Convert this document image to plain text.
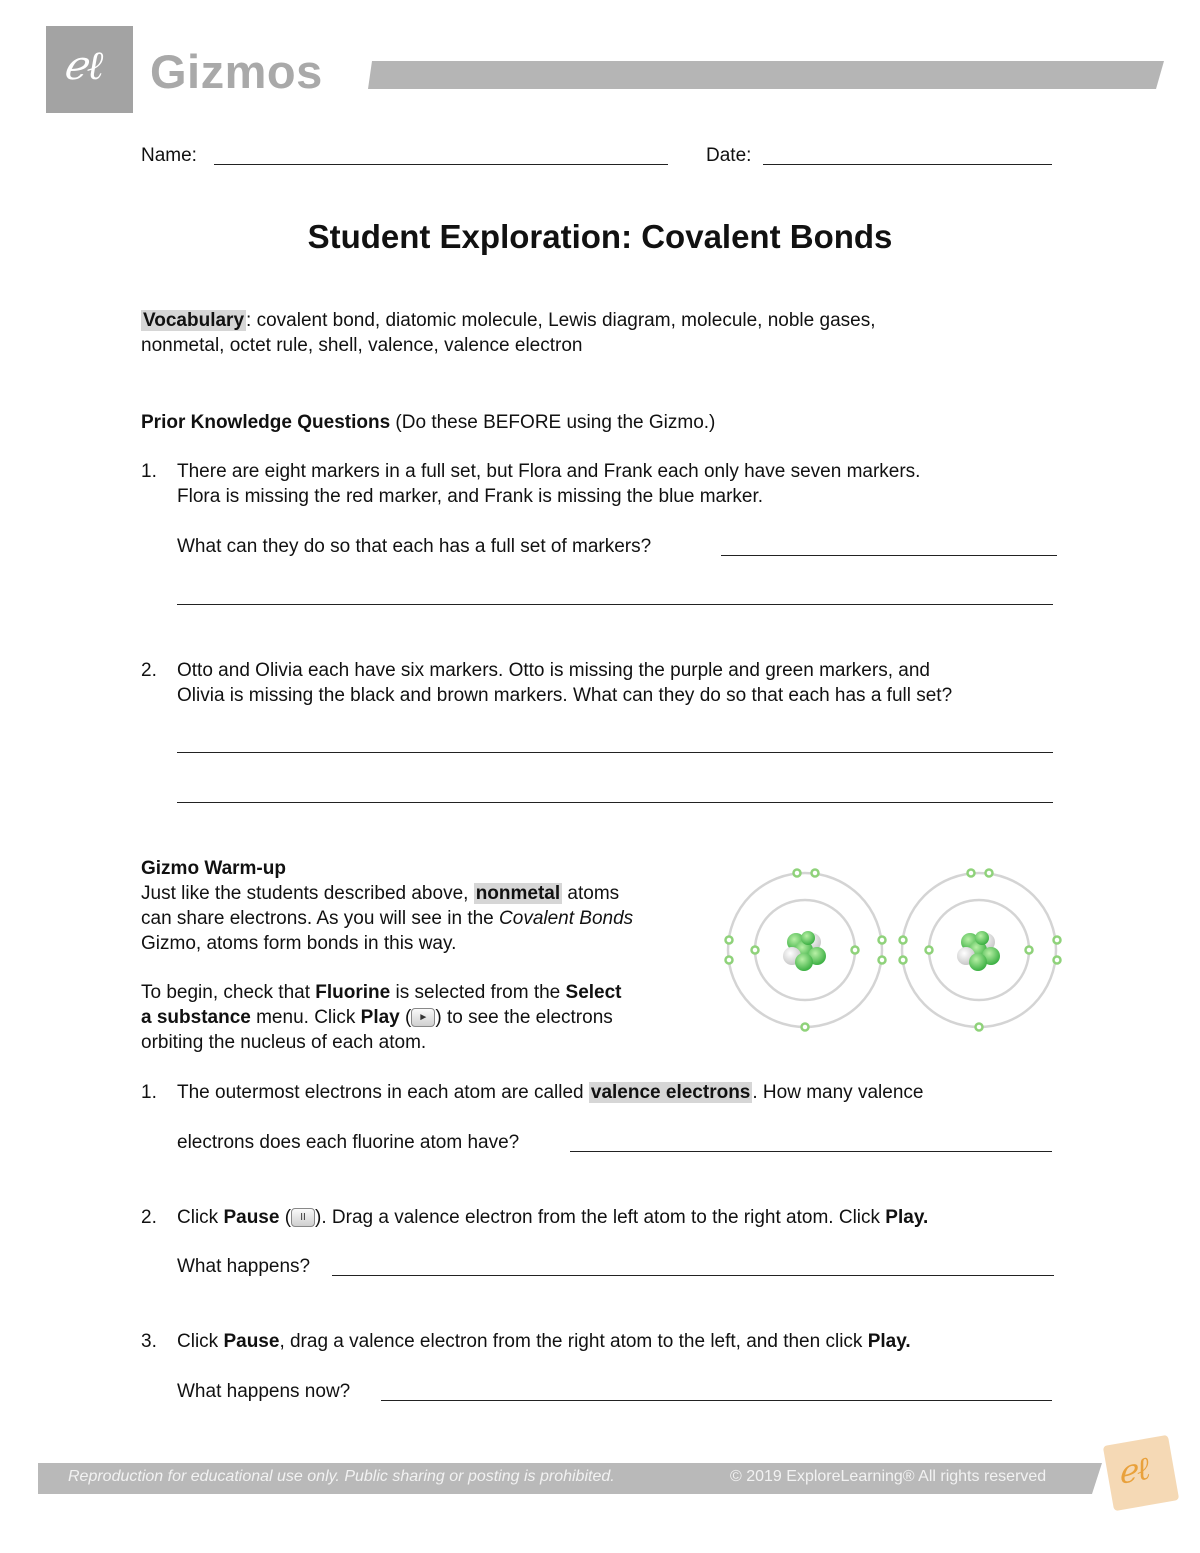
ℯℓ Gizmos
Name:	Date:
Student Exploration: Covalent Bonds
Vocabulary : covalent bond, diatomic molecule, Lewis diagram, molecule, noble gases,
nonmetal, octet rule, shell, valence, valence electron
Prior Knowledge Questions (Do these BEFORE using the Gizmo.)
1. There are eight markers in a full set, but Flora and Frank each only have seven markers.
Flora is missing the red marker, and Frank is missing the blue marker.
What can they do so that each has a full set of markers?
2. Otto and Olivia each have six markers. Otto is missing the purple and green markers, and
Olivia is missing the black and brown markers. What can they do so that each has a full set?
Gizmo Warm-up
Just like the students described above, nonmetal atoms
can share electrons. As you will see in the Covalent Bonds
Gizmo, atoms form bonds in this way.
To begin, check that Fluorine is selected from the Select
a substance menu. Click Play ( ► ) to see the electrons
orbiting the nucleus of each atom.
1. The outermost electrons in each atom are called valence electrons . How many valence
electrons does each fluorine atom have?
2. Click Pause ( II ). Drag a valence electron from the left atom to the right atom. Click Play.
What happens?
3. Click Pause, drag a valence electron from the right atom to the left, and then click Play.
What happens now?
Reproduction for educational use only. Public sharing or posting is prohibited.	© 2019 ExploreLearning® All rights reserved ℯℓ
